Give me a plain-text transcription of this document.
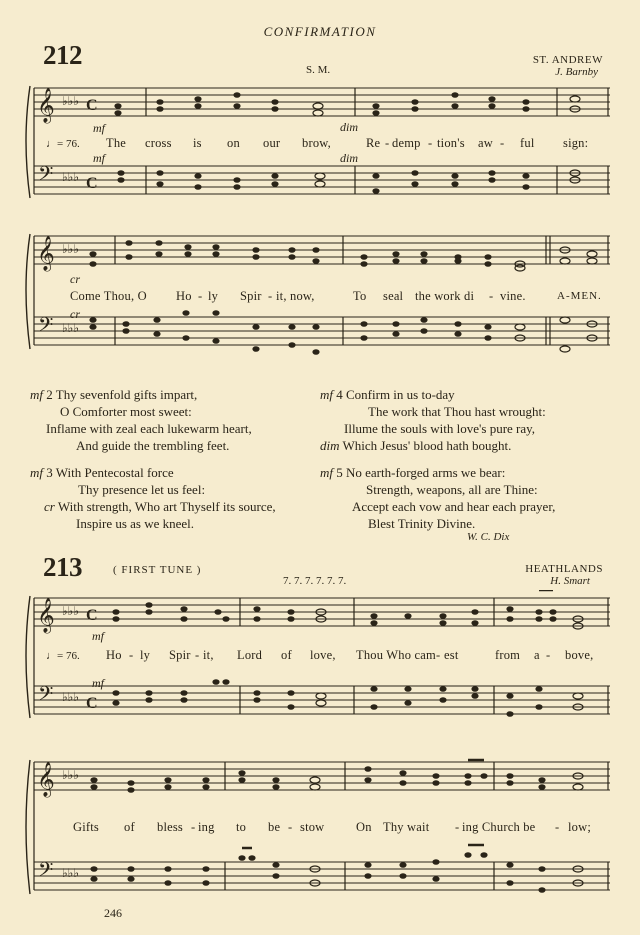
CONFIRMATION
212	S. M.
ST. ANDREW
J. Barnby
𝄞
𝄢
♭♭♭
♭♭♭
C
C
mf	dim
♩= 76.
mf	dim
The cross is on our brow,	Re - demp - tion's aw - ful sign:
𝄞
𝄢
♭♭♭
♭♭♭
cr
cr
Come Thou, O Ho - ly Spir - it, now,	To seal the work di - vine.	A-MEN.
mf 2 Thy sevenfold gifts impart,
O Comforter most sweet:
Inflame with zeal each lukewarm heart,
And guide the trembling feet.
mf 4 Confirm in us to-day
The work that Thou hast wrought:
Illume the souls with love's pure ray,
dim Which Jesus' blood hath bought.
mf 3 With Pentecostal force
Thy presence let us feel:
cr With strength, Who art Thyself its source,
Inspire us as we kneel.
mf 5 No earth-forged arms we bear:
Strength, weapons, all are Thine:
Accept each vow and hear each prayer,
Blest Trinity Divine.
W. C. Dix
213	( FIRST TUNE )
7. 7. 7. 7. 7. 7.
HEATHLANDS
H. Smart
𝄞
𝄢
♭♭♭
♭♭♭
C
C
mf
♩= 76.
mf
Ho - ly Spir - it, Lord of love, Thou Who cam - est	from a - bove,
𝄞
𝄢
♭♭♭
♭♭♭
Gifts of bless - ing to be - stow	On Thy wait - ing Church be - low;
246
